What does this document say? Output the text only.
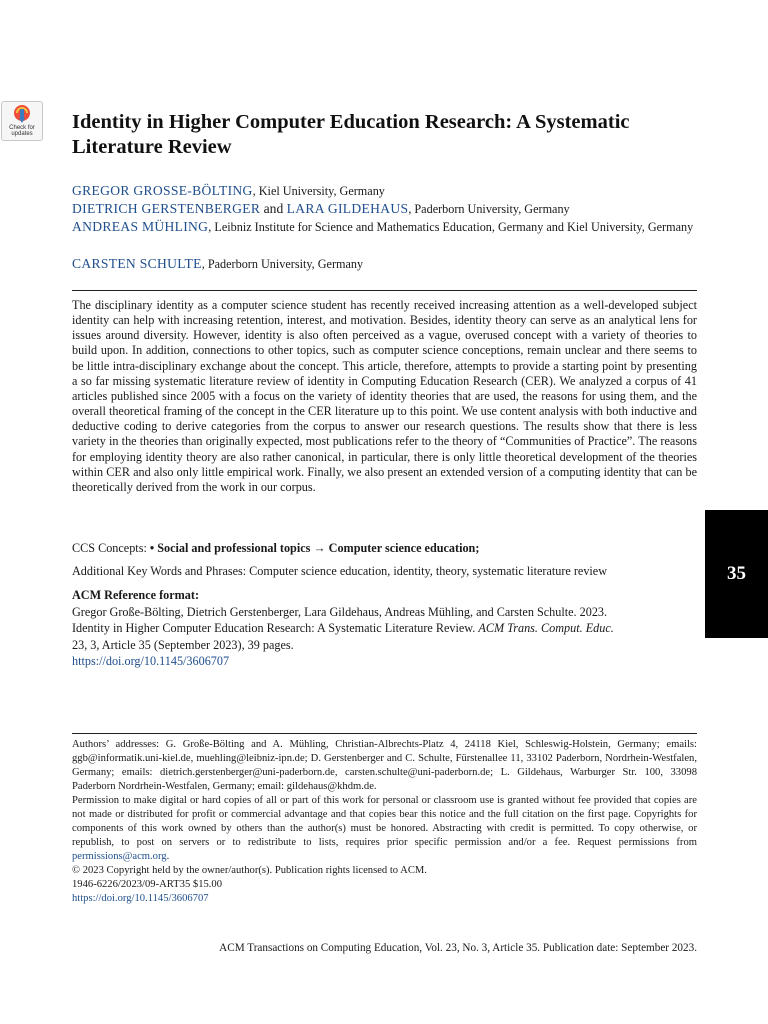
Check for
updates
Identity in Higher Computer Education Research: A Systematic Literature Review
GREGOR GROSSE-BÖLTING, Kiel University, Germany
DIETRICH GERSTENBERGER and LARA GILDEHAUS, Paderborn University, Germany
ANDREAS MÜHLING, Leibniz Institute for Science and Mathematics Education, Germany and Kiel University, Germany
CARSTEN SCHULTE, Paderborn University, Germany
The disciplinary identity as a computer science student has recently received increasing attention as a well-developed subject identity can help with increasing retention, interest, and motivation. Besides, identity theory can serve as an analytical lens for issues around diversity. However, identity is also often perceived as a vague, overused concept with a variety of theories to build upon. In addition, connections to other topics, such as computer science conceptions, remain unclear and there seems to be little intra-disciplinary exchange about the concept. This article, therefore, attempts to provide a starting point by presenting a so far missing systematic literature review of identity in Computing Education Research (CER). We analyzed a corpus of 41 articles published since 2005 with a focus on the variety of identity theories that are used, the reasons for using them, and the overall theoretical framing of the concept in the CER literature up to this point. We use content analysis with both inductive and deductive coding to derive categories from the corpus to answer our research questions. The results show that there is less variety in the theories than originally expected, most publications refer to the theory of “Communities of Practice”. The reasons for employing identity theory are also rather canonical, in particular, there is only little theoretical development of the theories within CER and also only little empirical work. Finally, we also present an extended version of a computing identity that can be theoretically derived from the work in our corpus.
CCS Concepts: • Social and professional topics → Computer science education;
Additional Key Words and Phrases: Computer science education, identity, theory, systematic literature review
ACM Reference format:
Gregor Große-Bölting, Dietrich Gerstenberger, Lara Gildehaus, Andreas Mühling, and Carsten Schulte. 2023.
Identity in Higher Computer Education Research: A Systematic Literature Review. ACM Trans. Comput. Educ.
23, 3, Article 35 (September 2023), 39 pages.
https://doi.org/10.1145/3606707

Authors’ addresses: G. Große-Bölting and A. Mühling, Christian-Albrechts-Platz 4, 24118 Kiel, Schleswig-Holstein, Germany; emails: ggb@informatik.uni-kiel.de, muehling@leibniz-ipn.de; D. Gerstenberger and C. Schulte, Fürstenallee 11, 33102 Paderborn, Nordrhein-Westfalen, Germany; emails: dietrich.gerstenberger@uni-paderborn.de, carsten.schulte@uni-paderborn.de; L. Gildehaus, Warburger Str. 100, 33098 Paderborn Nordrhein-Westfalen, Germany; email: gildehaus@khdm.de.

Permission to make digital or hard copies of all or part of this work for personal or classroom use is granted without fee provided that copies are not made or distributed for profit or commercial advantage and that copies bear this notice and the full citation on the first page. Copyrights for components of this work owned by others than the author(s) must be honored. Abstracting with credit is permitted. To copy otherwise, or republish, to post on servers or to redistribute to lists, requires prior specific permission and/or a fee. Request permissions from permissions@acm.org.

© 2023 Copyright held by the owner/author(s). Publication rights licensed to ACM.

1946-6226/2023/09-ART35 $15.00

https://doi.org/10.1145/3606707

ACM Transactions on Computing Education, Vol. 23, No. 3, Article 35. Publication date: September 2023.
35
